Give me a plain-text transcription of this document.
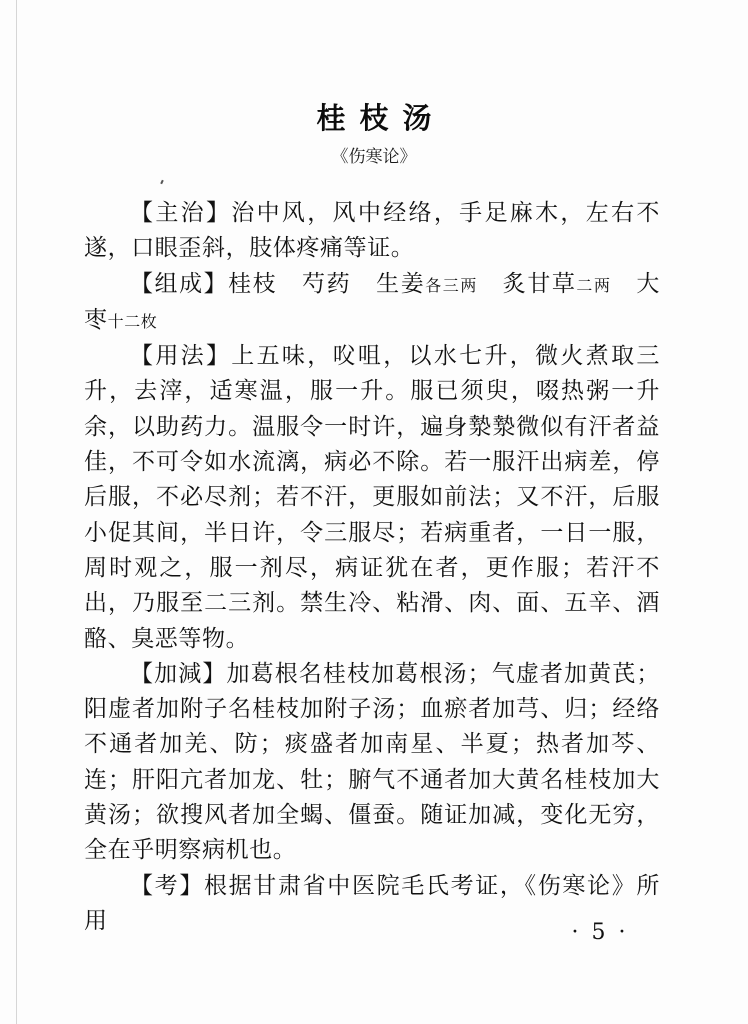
桂枝汤
《伤寒论》

【主治】治中风，风中经络，手足麻木，左右不遂，口眼歪斜，肢体疼痛等证。

【组成】桂枝 芍药 生姜各三两 炙甘草二两 大枣十二枚

【用法】上五味，㕮咀，以水七升，微火煮取三升，去滓，适寒温，服一升。服已须臾，啜热粥一升余，以助药力。温服令一时许，遍身漐漐微似有汗者益佳，不可令如水流漓，病必不除。若一服汗出病差，停后服，不必尽剂；若不汗，更服如前法；又不汗，后服小促其间，半日许，令三服尽；若病重者，一日一服，周时观之，服一剂尽，病证犹在者，更作服；若汗不出，乃服至二三剂。禁生冷、粘滑、肉、面、五辛、酒酪、臭恶等物。

【加減】加葛根名桂枝加葛根汤；气虚者加黄芪；阳虚者加附子名桂枝加附子汤；血瘀者加芎、归；经络不通者加羌、防；痰盛者加南星、半夏；热者加芩、连；肝阳亢者加龙、牡；腑气不通者加大黄名桂枝加大黄汤；欲搜风者加全蝎、僵蚕。随证加减，变化无穷，全在乎明察病机也。

【考】根据甘肃省中医院毛氏考证，《伤寒论》所用	· 5 ·
